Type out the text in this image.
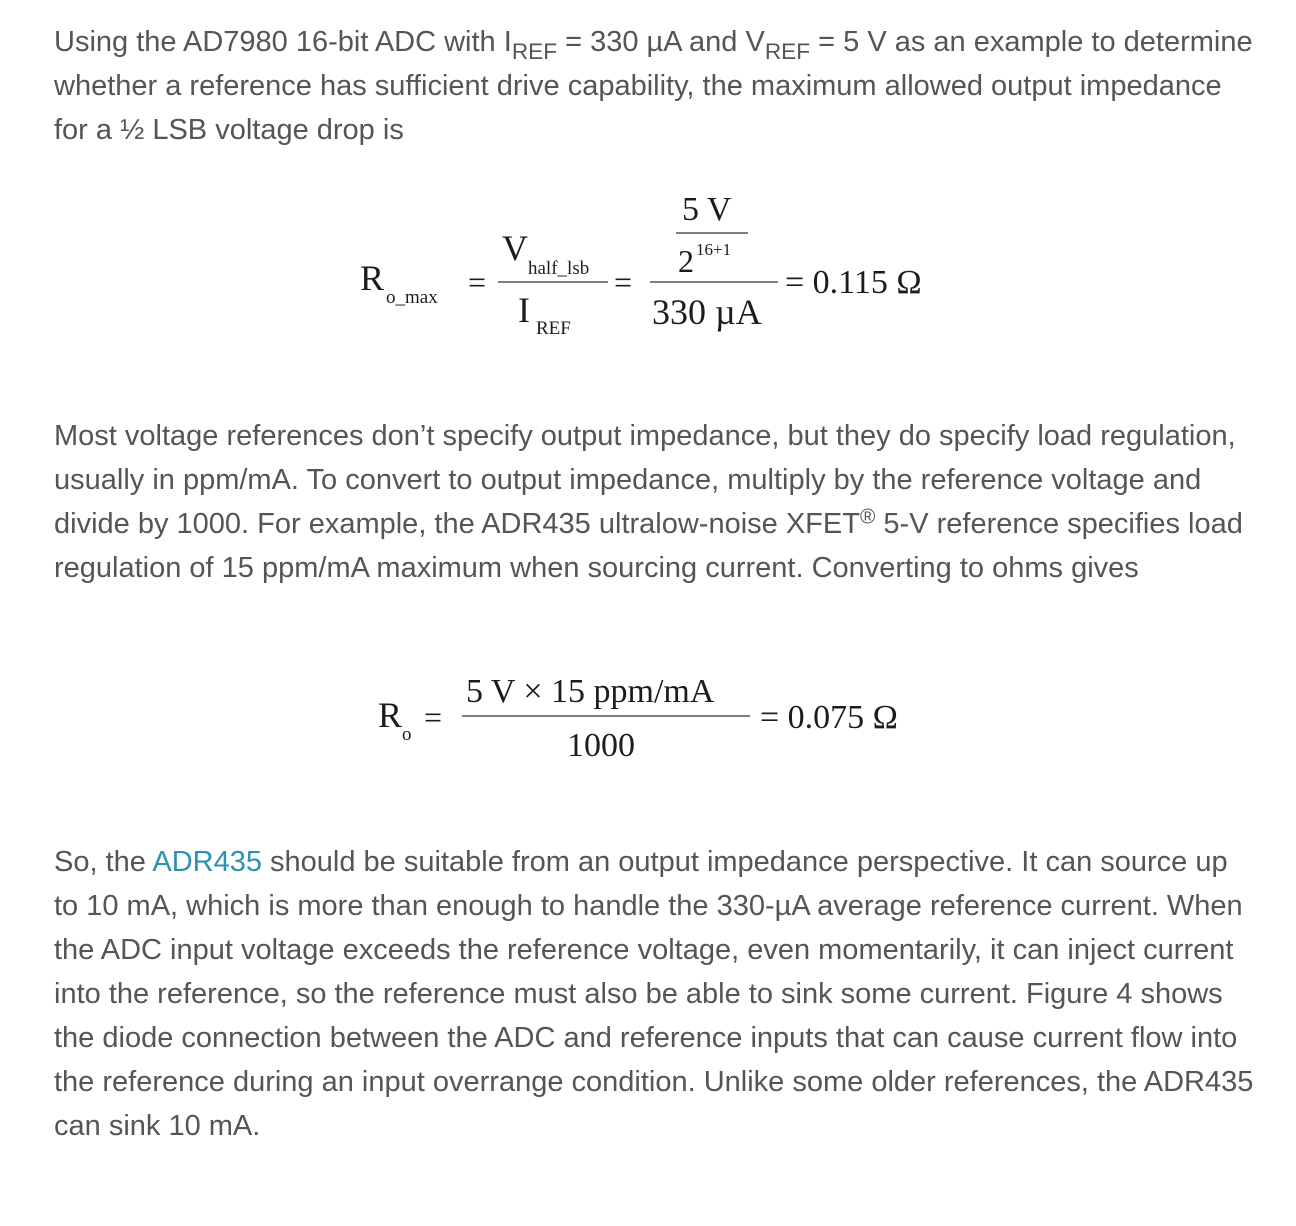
Using the AD7980 16-bit ADC with $I_{REF} = 330$ µA and $V_{REF} = 5$ V as an example to determine whether a reference has sufficient drive capability, the maximum allowed output impedance for a ½ LSB voltage drop is

R o_max =
V
half_lsb
I REF
=
5 V
2 16+1
330 µA
= 0.115 Ω

Most voltage references don’t specify output impedance, but they do specify load regulation, usually in ppm/mA. To convert to output impedance, multiply by the reference voltage and divide by 1000. For example, the ADR435 ultralow-noise XFET® 5-V reference specifies load regulation of 15 ppm/mA maximum when sourcing current. Converting to ohms gives

R o =
5 V × 15 ppm/mA
1000
= 0.075 Ω

So, the ADR435 should be suitable from an output impedance perspective. It can source up to 10 mA, which is more than enough to handle the 330-µA average reference current. When the ADC input voltage exceeds the reference voltage, even momentarily, it can inject current into the reference, so the reference must also be able to sink some current. Figure 4 shows the diode connection between the ADC and reference inputs that can cause current flow into the reference during an input overrange condition. Unlike some older references, the ADR435 can sink 10 mA.
